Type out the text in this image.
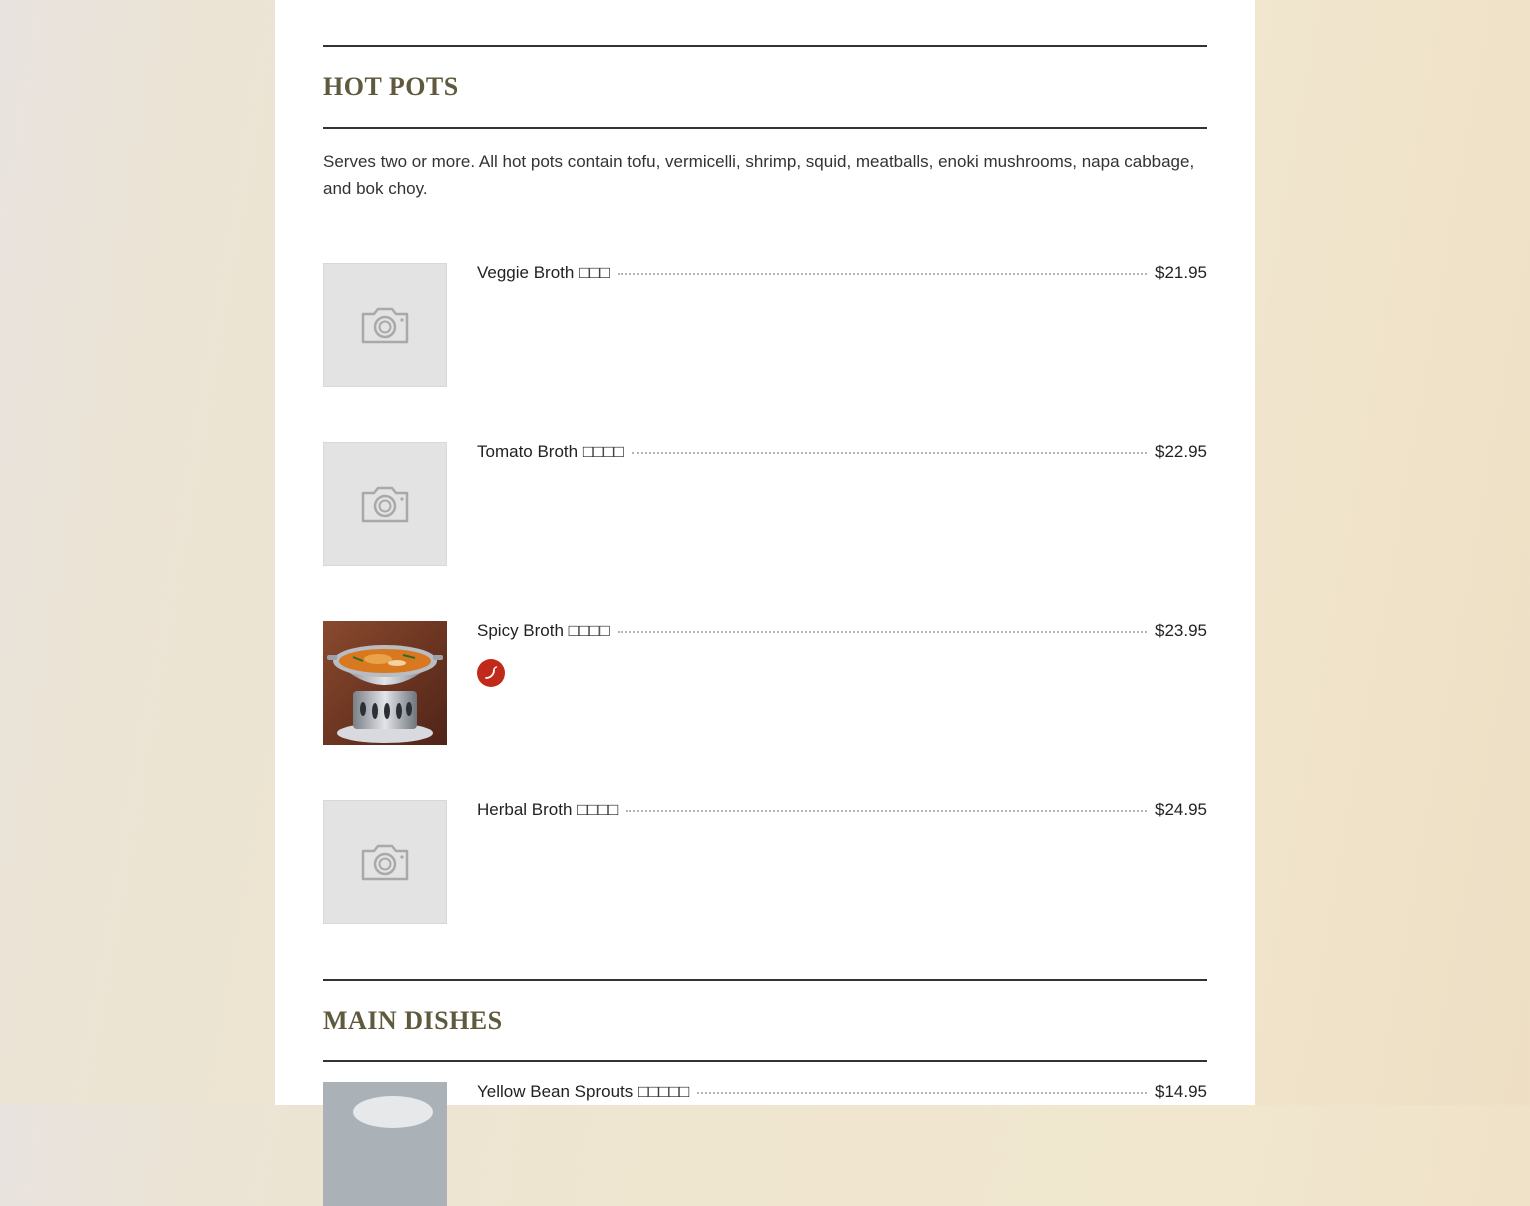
HOT POTS

Serves two or more. All hot pots contain tofu, vermicelli, shrimp, squid, meatballs, enoki mushrooms, napa cabbage, and bok choy.

Veggie Broth □□□	$21.95
Tomato Broth □□□□	$22.95
Spicy Broth □□□□	$23.95
Herbal Broth □□□□	$24.95
MAIN DISHES
Yellow Bean Sprouts □□□□□	$14.95
